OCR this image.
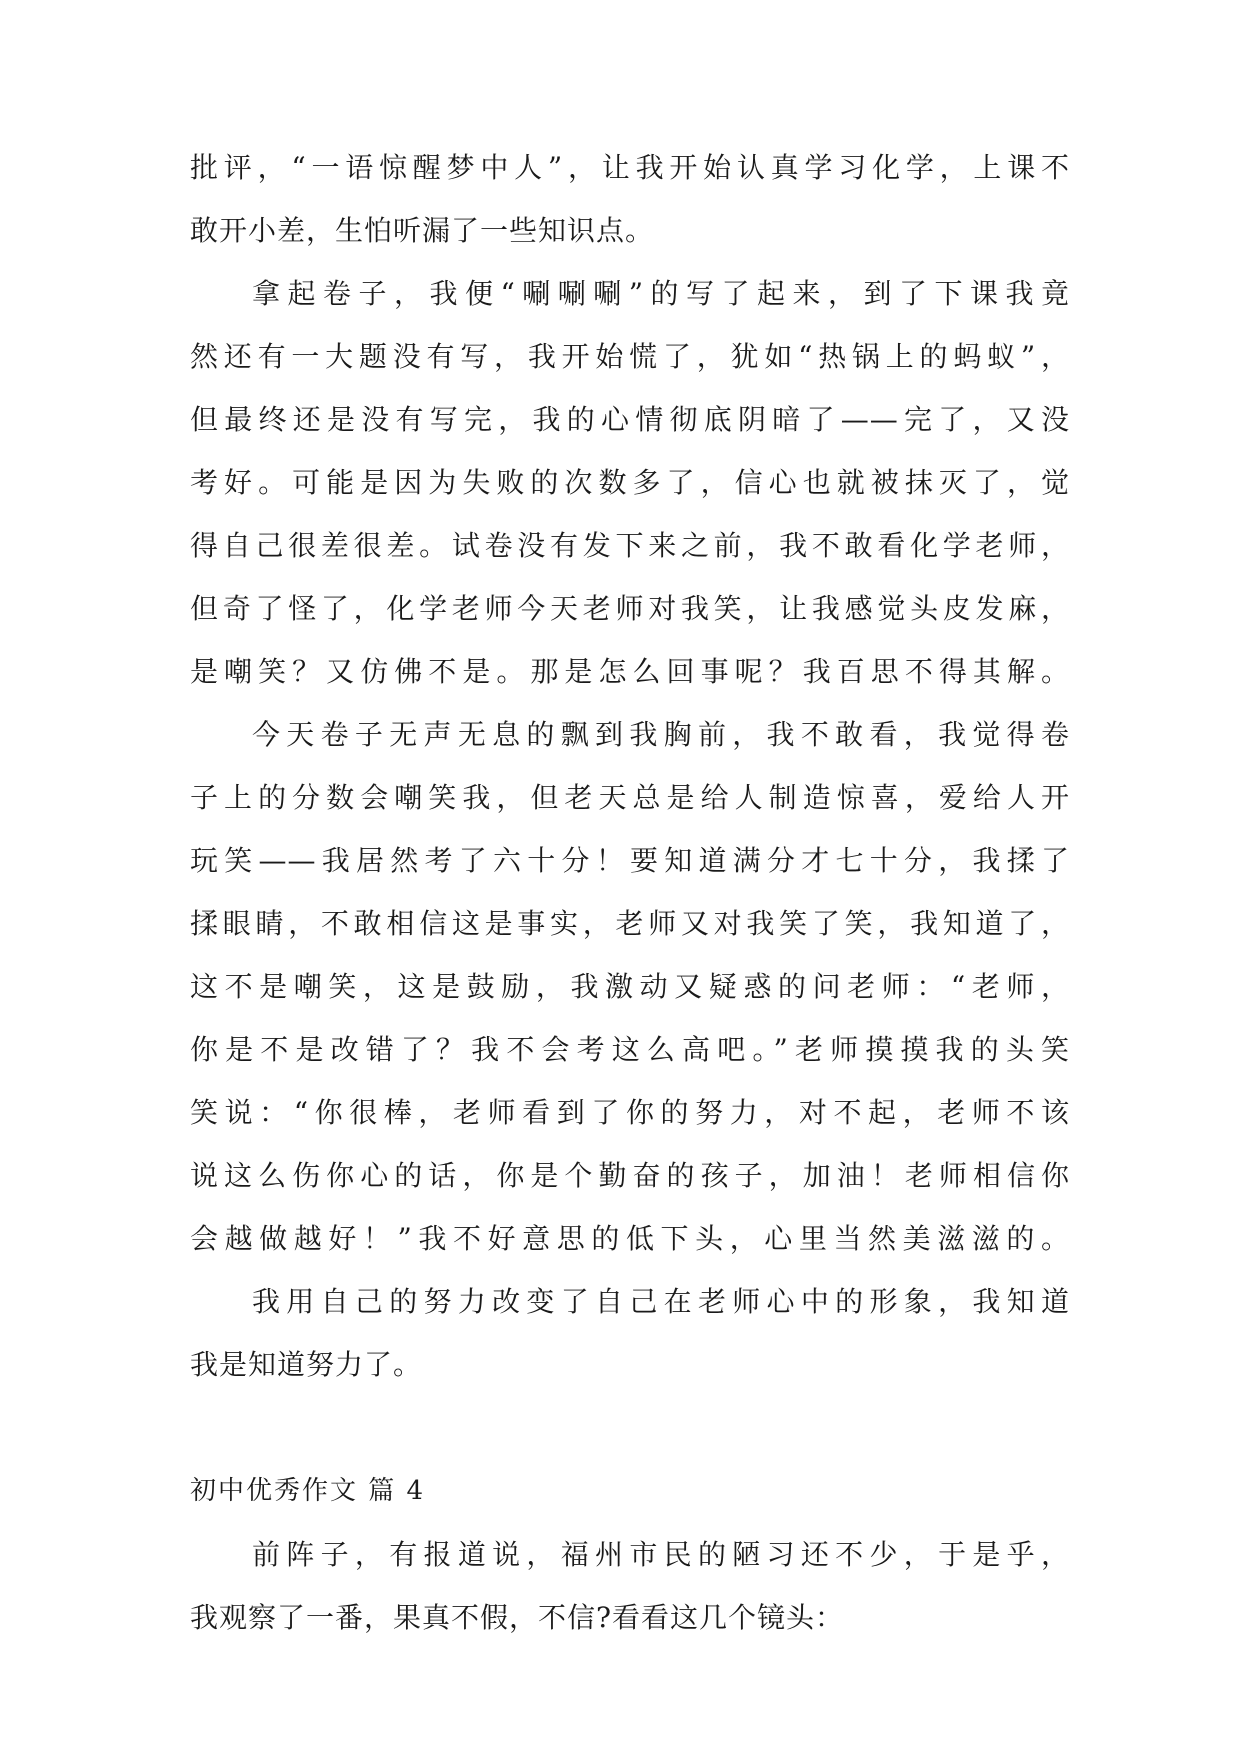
批评，“一语惊醒梦中人”，让我开始认真学习化学，上课不
敢开小差，生怕听漏了一些知识点。
拿起卷子，我便“唰唰唰”的写了起来，到了下课我竟
然还有一大题没有写，我开始慌了，犹如“热锅上的蚂蚁”，
但最终还是没有写完，我的心情彻底阴暗了——完了，又没
考好。可能是因为失败的次数多了，信心也就被抹灭了，觉
得自己很差很差。试卷没有发下来之前，我不敢看化学老师，
但奇了怪了，化学老师今天老师对我笑，让我感觉头皮发麻，
是嘲笑？又仿佛不是。那是怎么回事呢？我百思不得其解。
今天卷子无声无息的飘到我胸前，我不敢看，我觉得卷
子上的分数会嘲笑我，但老天总是给人制造惊喜，爱给人开
玩笑——我居然考了六十分！要知道满分才七十分，我揉了
揉眼睛，不敢相信这是事实，老师又对我笑了笑，我知道了，
这不是嘲笑，这是鼓励，我激动又疑惑的问老师：“老师，
你是不是改错了？我不会考这么高吧。”老师摸摸我的头笑
笑说：“你很棒，老师看到了你的努力，对不起，老师不该
说这么伤你心的话，你是个勤奋的孩子，加油！老师相信你
会越做越好！”我不好意思的低下头，心里当然美滋滋的。
我用自己的努力改变了自己在老师心中的形象，我知道
我是知道努力了。
初中优秀作文 篇 4
前阵子，有报道说，福州市民的陋习还不少，于是乎，
我观察了一番，果真不假，不信?看看这几个镜头：
